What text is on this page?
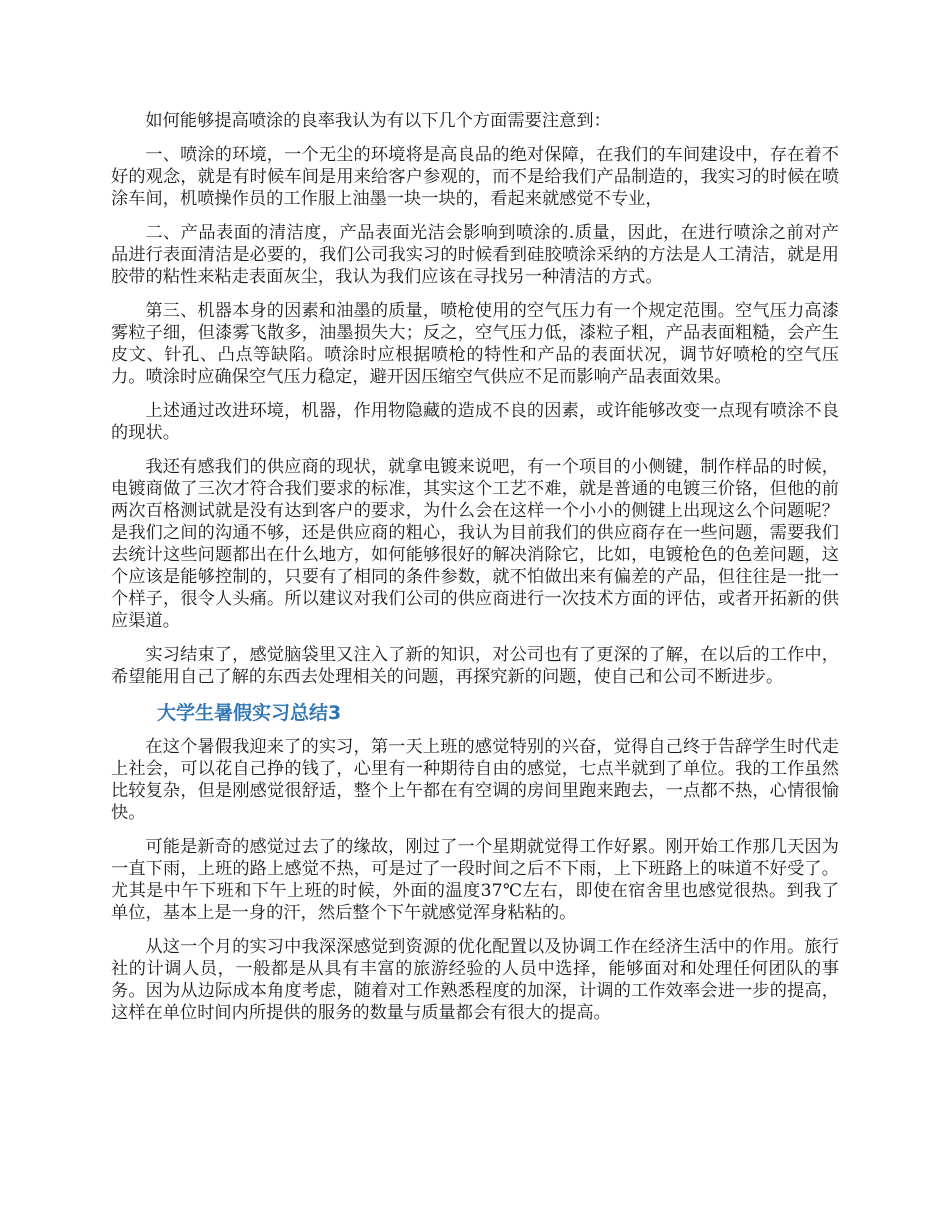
如何能够提高喷涂的良率我认为有以下几个方面需要注意到：

一、喷涂的环境，一个无尘的环境将是高良品的绝对保障，在我们的车间建设中，存在着不好的观念，就是有时候车间是用来给客户参观的，而不是给我们产品制造的，我实习的时候在喷涂车间，机喷操作员的工作服上油墨一块一块的，看起来就感觉不专业，

二、产品表面的清洁度，产品表面光洁会影响到喷涂的.质量，因此，在进行喷涂之前对产品进行表面清洁是必要的，我们公司我实习的时候看到硅胶喷涂采纳的方法是人工清洁，就是用胶带的粘性来粘走表面灰尘，我认为我们应该在寻找另一种清洁的方式。

第三、机器本身的因素和油墨的质量，喷枪使用的空气压力有一个规定范围。空气压力高漆雾粒子细，但漆雾飞散多，油墨损失大；反之，空气压力低，漆粒子粗，产品表面粗糙，会产生皮文、针孔、凸点等缺陷。喷涂时应根据喷枪的特性和产品的表面状况，调节好喷枪的空气压力。喷涂时应确保空气压力稳定，避开因压缩空气供应不足而影响产品表面效果。

上述通过改进环境，机器，作用物隐藏的造成不良的因素，或许能够改变一点现有喷涂不良的现状。

我还有感我们的供应商的现状，就拿电镀来说吧，有一个项目的小侧键，制作样品的时候，电镀商做了三次才符合我们要求的标准，其实这个工艺不难，就是普通的电镀三价铬，但他的前两次百格测试就是没有达到客户的要求，为什么会在这样一个小小的侧键上出现这么个问题呢？是我们之间的沟通不够，还是供应商的粗心，我认为目前我们的供应商存在一些问题，需要我们去统计这些问题都出在什么地方，如何能够很好的解决消除它，比如，电镀枪色的色差问题，这个应该是能够控制的，只要有了相同的条件参数，就不怕做出来有偏差的产品，但往往是一批一个样子，很令人头痛。所以建议对我们公司的供应商进行一次技术方面的评估，或者开拓新的供应渠道。

实习结束了，感觉脑袋里又注入了新的知识，对公司也有了更深的了解，在以后的工作中，希望能用自己了解的东西去处理相关的问题，再探究新的问题，使自己和公司不断进步。

大学生暑假实习总结3

在这个暑假我迎来了的实习，第一天上班的感觉特别的兴奋，觉得自己终于告辞学生时代走上社会，可以花自己挣的钱了，心里有一种期待自由的感觉，七点半就到了单位。我的工作虽然比较复杂，但是刚感觉很舒适，整个上午都在有空调的房间里跑来跑去，一点都不热，心情很愉快。

可能是新奇的感觉过去了的缘故，刚过了一个星期就觉得工作好累。刚开始工作那几天因为一直下雨，上班的路上感觉不热，可是过了一段时间之后不下雨，上下班路上的味道不好受了。尤其是中午下班和下午上班的时候，外面的温度37℃左右，即使在宿舍里也感觉很热。到我了单位，基本上是一身的汗，然后整个下午就感觉浑身粘粘的。

从这一个月的实习中我深深感觉到资源的优化配置以及协调工作在经济生活中的作用。旅行社的计调人员，一般都是从具有丰富的旅游经验的人员中选择，能够面对和处理任何团队的事务。因为从边际成本角度考虑，随着对工作熟悉程度的加深，计调的工作效率会进一步的提高，这样在单位时间内所提供的服务的数量与质量都会有很大的提高。
